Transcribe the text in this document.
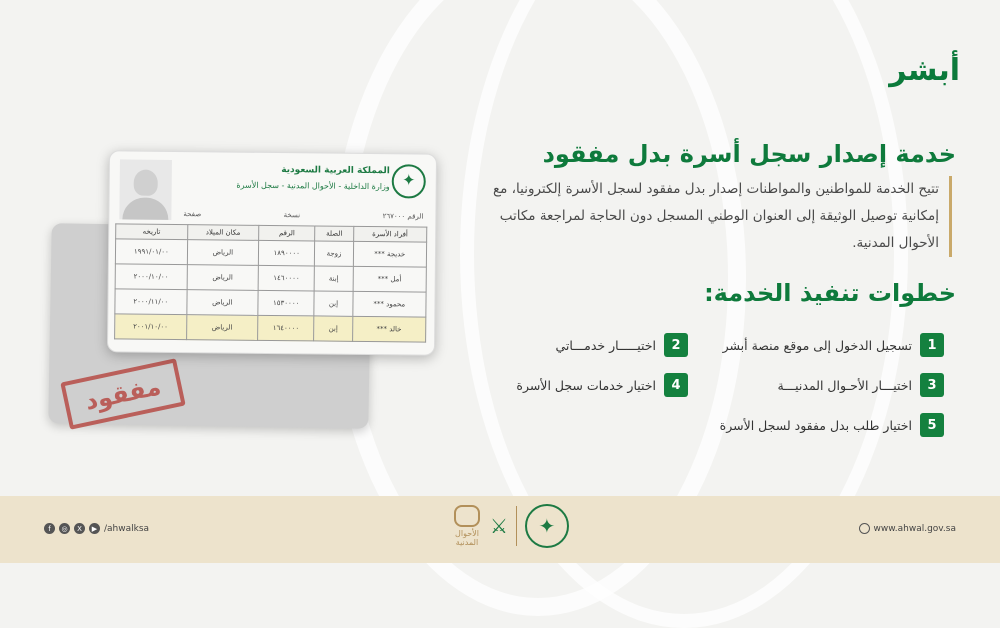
أبشر
مفقود
✦
المملكة العربية السعودية
وزارة الداخلية - الأحوال المدنية - سجل الأسرة
الرقم ٢٦٧٠٠٠
نسخة
صفحة
أفراد الأسرة	الصلة	الرقم	مكان الميلاد	تاريخه
خديجة ***	زوجة	١٨٩٠٠٠٠	الرياض	١٩٩١/٠١/٠٠
أمل ***	إبنة	١٤٦٠٠٠٠	الرياض	٢٠٠٠/١٠/٠٠
محمود ***	إبن	١٥٣٠٠٠٠	الرياض	٢٠٠٠/١١/٠٠
خالد ***	إبن	١٦٤٠٠٠٠	الرياض	٢٠٠١/١٠/٠٠
خدمة إصدار سجل أسرة بدل مفقود
تتيح الخدمة للمواطنين والمواطنات إصدار بدل مفقود لسجل الأسرة إلكترونيا، مع إمكانية توصيل الوثيقة إلى العنوان الوطني المسجل دون الحاجة لمراجعة مكاتب الأحوال المدنية.
خطوات تنفيذ الخدمة:
1
تسجيل الدخول إلى موقع منصة أبشر
2
اختيـــــار خدمـــاتي
3
اختيـــار الأحـوال المدنيـــة
4
اختيار خدمات سجل الأسرة
5
اختيار طلب بدل مفقود لسجل الأسرة
f	◎	X	▶ /ahwalksa	الأحوال المدنية
⚔	✦	www.ahwal.gov.sa
